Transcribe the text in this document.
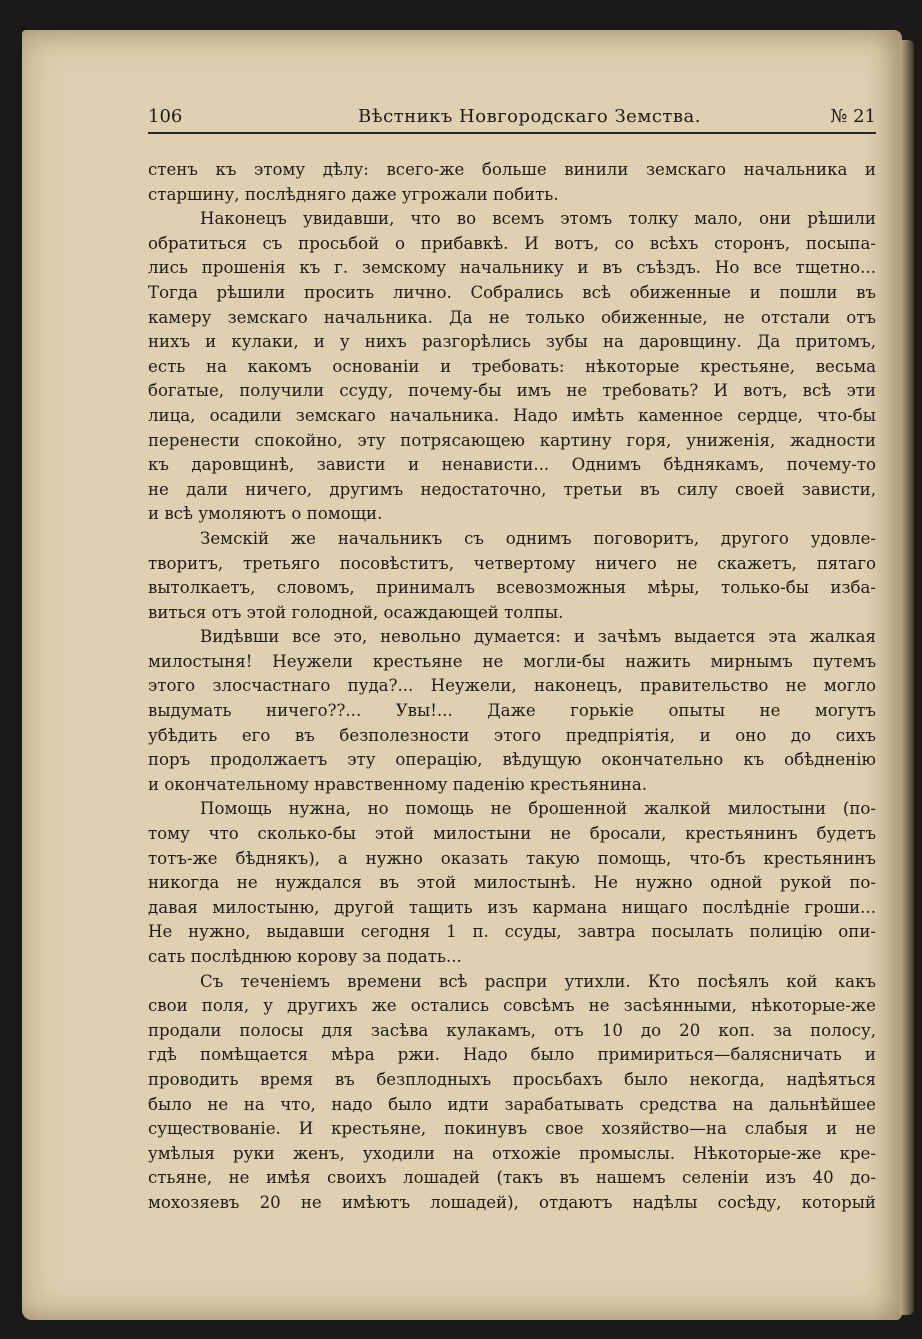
106	Вѣстникъ Новгородскаго Земства.	№ 21
стенъ къ этому дѣлу: всего-же больше винили земскаго начальника и
старшину, послѣдняго даже угрожали побить.
Наконецъ увидавши, что во всемъ этомъ толку мало, они рѣшили
обратиться съ просьбой о прибавкѣ. И вотъ, со всѣхъ сторонъ, посыпа-
лись прошенія къ г. земскому начальнику и въ съѣздъ. Но все тщетно...
Тогда рѣшили просить лично. Собрались всѣ обиженные и пошли въ
камеру земскаго начальника. Да не только обиженные, не отстали отъ
нихъ и кулаки, и у нихъ разгорѣлись зубы на даровщину. Да притомъ,
есть на какомъ основаніи и требовать: нѣкоторые крестьяне, весьма
богатые, получили ссуду, почему-бы имъ не требовать? И вотъ, всѣ эти
лица, осадили земскаго начальника. Надо имѣть каменное сердце, что-бы
перенести спокойно, эту потрясающею картину горя, униженія, жадности
къ даровщинѣ, зависти и ненависти... Однимъ бѣднякамъ, почему-то
не дали ничего, другимъ недостаточно, третьи въ силу своей зависти,
и всѣ умоляютъ о помощи.
Земскій же начальникъ съ однимъ поговоритъ, другого удовле-
творитъ, третьяго посовѣститъ, четвертому ничего не скажетъ, пятаго
вытолкаетъ, словомъ, принималъ всевозможныя мѣры, только-бы изба-
виться отъ этой голодной, осаждающей толпы.
Видѣвши все это, невольно думается: и зачѣмъ выдается эта жалкая
милостыня! Неужели крестьяне не могли-бы нажить мирнымъ путемъ
этого злосчастнаго пуда?... Неужели, наконецъ, правительство не могло
выдумать ничего??... Увы!... Даже горькіе опыты не могутъ
убѣдить его въ безполезности этого предпріятія, и оно до сихъ
поръ продолжаетъ эту операцію, вѣдущую окончательно къ обѣдненію
и окончательному нравственному паденію крестьянина.
Помощь нужна, но помощь не брошенной жалкой милостыни (по-
тому что сколько-бы этой милостыни не бросали, крестьянинъ будетъ
тотъ-же бѣднякъ), а нужно оказать такую помощь, что-бъ крестьянинъ
никогда не нуждался въ этой милостынѣ. Не нужно одной рукой по-
давая милостыню, другой тащить изъ кармана нищаго послѣдніе гроши...
Не нужно, выдавши сегодня 1 п. ссуды, завтра посылать полицію опи-
сать послѣднюю корову за подать...
Съ теченіемъ времени всѣ распри утихли. Кто посѣялъ кой какъ
свои поля, у другихъ же остались совсѣмъ не засѣянными, нѣкоторые-же
продали полосы для засѣва кулакамъ, отъ 10 до 20 коп. за полосу,
гдѣ помѣщается мѣра ржи. Надо было примириться—балясничать и
проводить время въ безплодныхъ просьбахъ было некогда, надѣяться
было не на что, надо было идти зарабатывать средства на дальнѣйшее
существованіе. И крестьяне, покинувъ свое хозяйство—на слабыя и не
умѣлыя руки женъ, уходили на отхожіе промыслы. Нѣкоторые-же кре-
стьяне, не имѣя своихъ лошадей (такъ въ нашемъ селеніи изъ 40 до-
мохозяевъ 20 не имѣютъ лошадей), отдаютъ надѣлы сосѣду, который
